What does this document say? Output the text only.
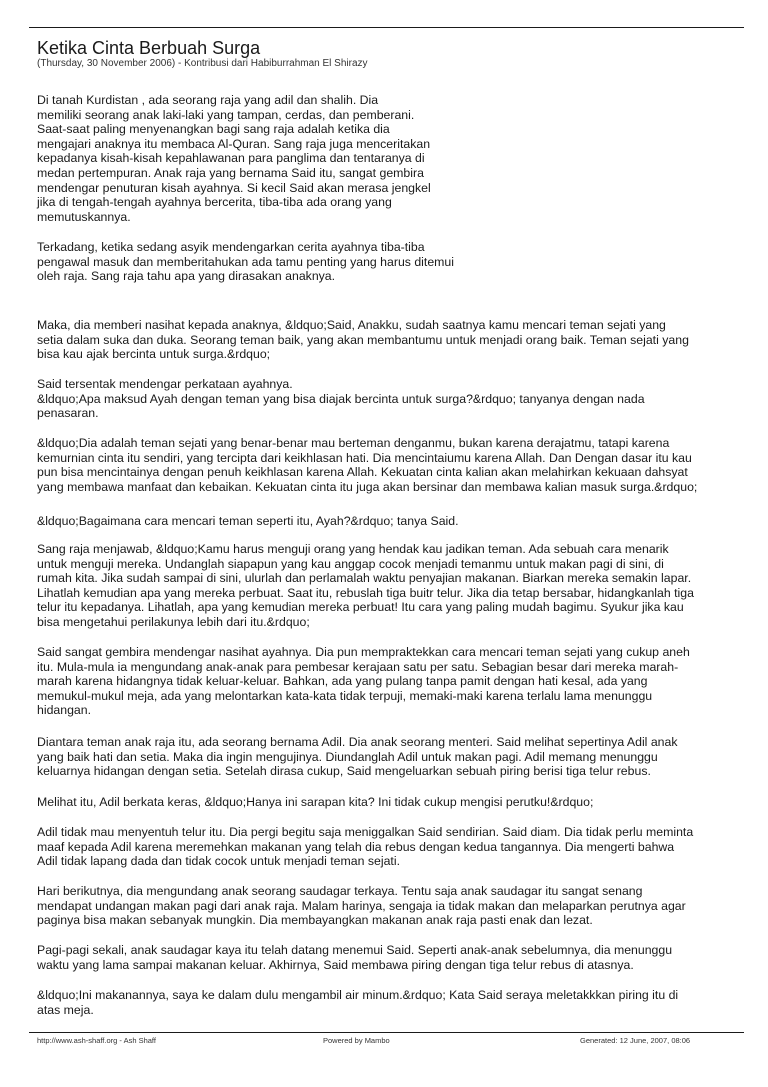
Ketika Cinta Berbuah Surga
(Thursday, 30 November 2006) - Kontribusi dari Habiburrahman El Shirazy

Di tanah Kurdistan , ada seorang raja yang adil dan shalih. Dia
memiliki seorang anak laki-laki yang tampan, cerdas, dan pemberani.
Saat-saat paling menyenangkan bagi sang raja adalah ketika dia
mengajari anaknya itu membaca Al-Quran. Sang raja juga menceritakan
kepadanya kisah-kisah kepahlawanan para panglima dan tentaranya di
medan pertempuran. Anak raja yang bernama Said itu, sangat gembira
mendengar penuturan kisah ayahnya. Si kecil Said akan merasa jengkel
jika di tengah-tengah ayahnya bercerita, tiba-tiba ada orang yang
memutuskannya.

Terkadang, ketika sedang asyik mendengarkan cerita ayahnya tiba-tiba
pengawal masuk dan memberitahukan ada tamu penting yang harus ditemui
oleh raja. Sang raja tahu apa yang dirasakan anaknya.

Maka, dia memberi nasihat kepada anaknya, &ldquo;Said, Anakku, sudah saatnya kamu mencari teman sejati yang
setia dalam suka dan duka. Seorang teman baik, yang akan membantumu untuk menjadi orang baik. Teman sejati yang
bisa kau ajak bercinta untuk surga.&rdquo;

Said tersentak mendengar perkataan ayahnya.
&ldquo;Apa maksud Ayah dengan teman yang bisa diajak bercinta untuk surga?&rdquo; tanyanya dengan nada
penasaran.

&ldquo;Dia adalah teman sejati yang benar-benar mau berteman denganmu, bukan karena derajatmu, tatapi karena
kemurnian cinta itu sendiri, yang tercipta dari keikhlasan hati. Dia mencintaiumu karena Allah. Dan Dengan dasar itu kau
pun bisa mencintainya dengan penuh keikhlasan karena Allah. Kekuatan cinta kalian akan melahirkan kekuaan dahsyat
yang membawa manfaat dan kebaikan. Kekuatan cinta itu juga akan bersinar dan membawa kalian masuk surga.&rdquo;

&ldquo;Bagaimana cara mencari teman seperti itu, Ayah?&rdquo; tanya Said.

Sang raja menjawab, &ldquo;Kamu harus menguji orang yang hendak kau jadikan teman. Ada sebuah cara menarik
untuk menguji mereka. Undanglah siapapun yang kau anggap cocok menjadi temanmu untuk makan pagi di sini, di
rumah kita. Jika sudah sampai di sini, ulurlah dan perlamalah waktu penyajian makanan. Biarkan mereka semakin lapar.
Lihatlah kemudian apa yang mereka perbuat. Saat itu, rebuslah tiga buitr telur. Jika dia tetap bersabar, hidangkanlah tiga
telur itu kepadanya. Lihatlah, apa yang kemudian mereka perbuat! Itu cara yang paling mudah bagimu. Syukur jika kau
bisa mengetahui perilakunya lebih dari itu.&rdquo;

Said sangat gembira mendengar nasihat ayahnya. Dia pun mempraktekkan cara mencari teman sejati yang cukup aneh
itu. Mula-mula ia mengundang anak-anak para pembesar kerajaan satu per satu. Sebagian besar dari mereka marah-
marah karena hidangnya tidak keluar-keluar. Bahkan, ada yang pulang tanpa pamit dengan hati kesal, ada yang
memukul-mukul meja, ada yang melontarkan kata-kata tidak terpuji, memaki-maki karena terlalu lama menunggu
hidangan.

Diantara teman anak raja itu, ada seorang bernama Adil. Dia anak seorang menteri. Said melihat sepertinya Adil anak
yang baik hati dan setia. Maka dia ingin mengujinya. Diundanglah Adil untuk makan pagi. Adil memang menunggu
keluarnya hidangan dengan setia. Setelah dirasa cukup, Said mengeluarkan sebuah piring berisi tiga telur rebus.

Melihat itu, Adil berkata keras, &ldquo;Hanya ini sarapan kita? Ini tidak cukup mengisi perutku!&rdquo;

Adil tidak mau menyentuh telur itu. Dia pergi begitu saja meniggalkan Said sendirian. Said diam. Dia tidak perlu meminta
maaf kepada Adil karena meremehkan makanan yang telah dia rebus dengan kedua tangannya. Dia mengerti bahwa
Adil tidak lapang dada dan tidak cocok untuk menjadi teman sejati.

Hari berikutnya, dia mengundang anak seorang saudagar terkaya. Tentu saja anak saudagar itu sangat senang
mendapat undangan makan pagi dari anak raja. Malam harinya, sengaja ia tidak makan dan melaparkan perutnya agar
paginya bisa makan sebanyak mungkin. Dia membayangkan makanan anak raja pasti enak dan lezat.

Pagi-pagi sekali, anak saudagar kaya itu telah datang menemui Said. Seperti anak-anak sebelumnya, dia menunggu
waktu yang lama sampai makanan keluar. Akhirnya, Said membawa piring dengan tiga telur rebus di atasnya.

&ldquo;Ini makanannya, saya ke dalam dulu mengambil air minum.&rdquo; Kata Said seraya meletakkkan piring itu di
atas meja.

http://www.ash-shaff.org - Ash Shaff	Powered by Mambo	Generated: 12 June, 2007, 08:06
